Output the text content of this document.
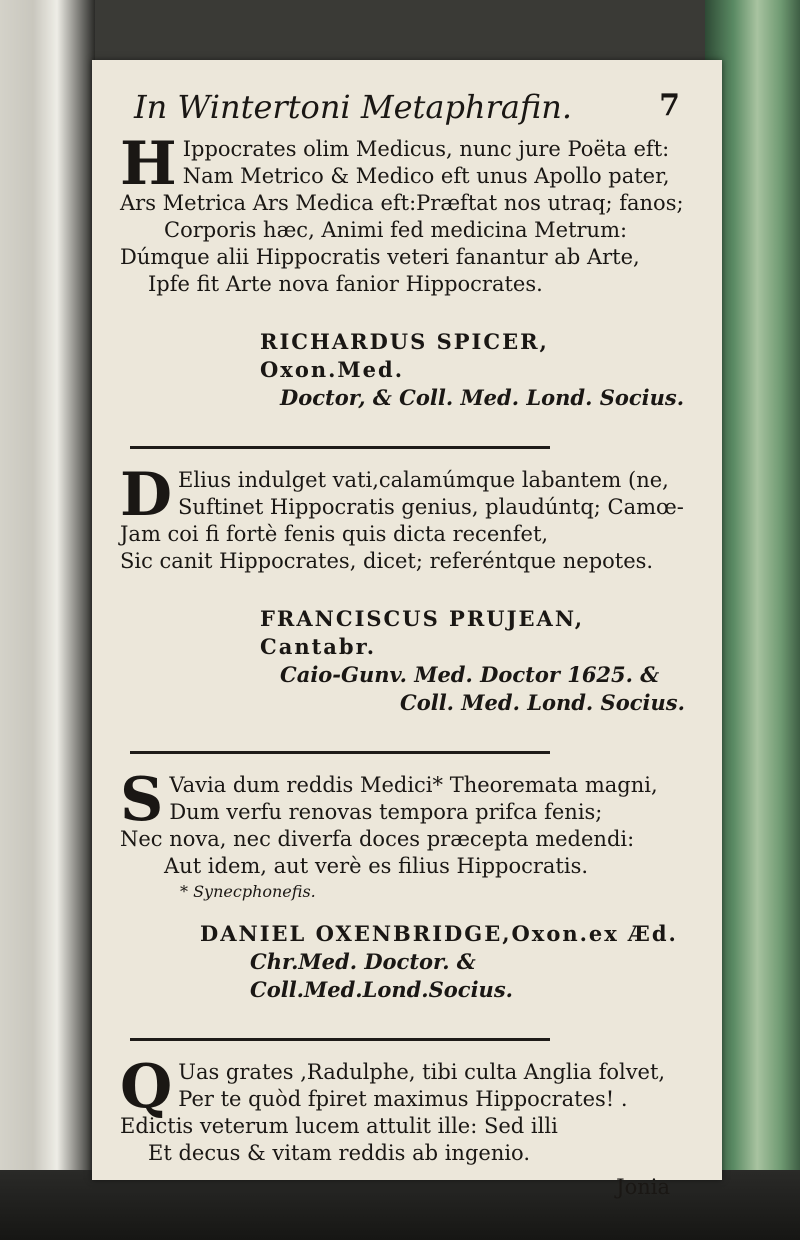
In Wintertoni Metaphrafin.	7
H Ippocrates olim Medicus, nunc jure Poëta eft:
Nam Metrico & Medico eft unus Apollo pater,
Ars Metrica Ars Medica eft:Præftat nos utraq; fanos;
Corporis hæc, Animi fed medicina Metrum:
Dúmque alii Hippocratis veteri fanantur ab Arte,
Ipfe fit Arte nova fanior Hippocrates.
RICHARDUS SPICER, Oxon.Med.
Doctor, & Coll. Med. Lond. Socius.
D Elius indulget vati,calamúmque labantem (ne,
Suftinet Hippocratis genius, plaudúntq; Camœ-
Jam coi fi fortè fenis quis dicta recenfet,
Sic canit Hippocrates, dicet; referéntque nepotes.
FRANCISCUS PRUJEAN, Cantabr.
Caio-Gunv. Med. Doctor 1625. &
Coll. Med. Lond. Socius.
S Vavia dum reddis Medici* Theoremata magni,
Dum verfu renovas tempora prifca fenis;
Nec nova, nec diverfa doces præcepta medendi:
Aut idem, aut verè es filius Hippocratis.
* Synecphonefis.
DANIEL OXENBRIDGE,Oxon.ex Æd.
Chr.Med. Doctor. & Coll.Med.Lond.Socius.
Q Uas grates ,Radulphe, tibi culta Anglia folvet,
Per te quòd fpiret maximus Hippocrates! .
Edictis veterum lucem attulit ille: Sed illi
Et decus & vitam reddis ab ingenio.
Jonia
